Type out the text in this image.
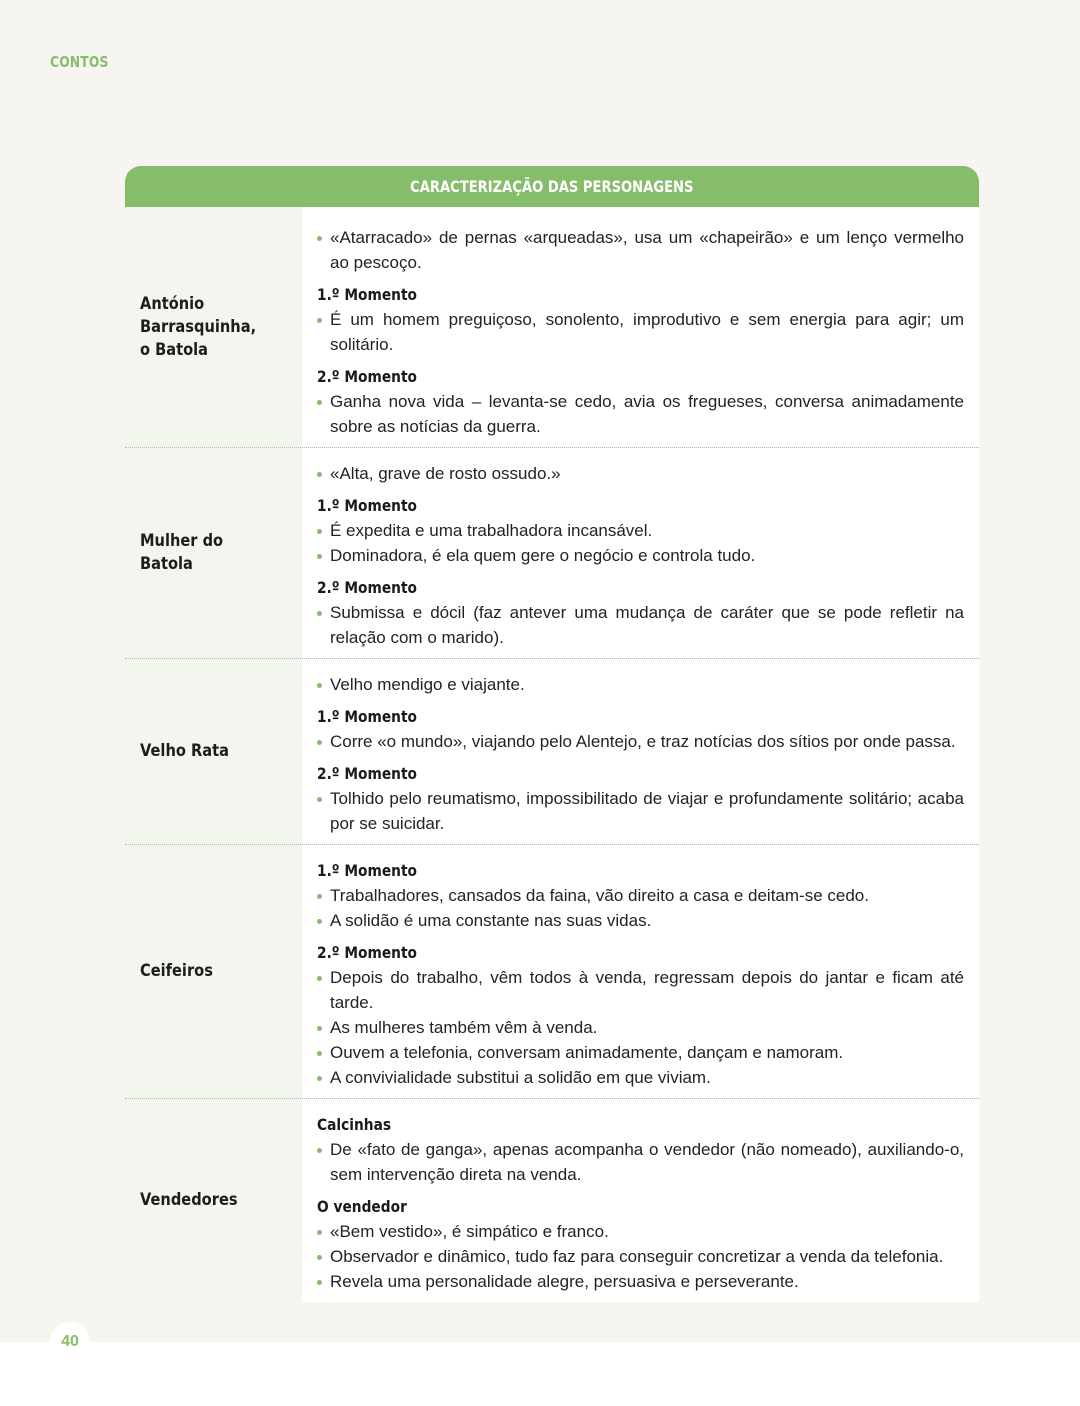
CONTOS
CARACTERIZAÇÃO DAS PERSONAGENS
António
Barrasquinha,
o Batola
«Atarracado» de pernas «arqueadas», usa um «chapeirão» e um lenço vermelho ao pescoço.
1.º Momento
É um homem preguiçoso, sonolento, improdutivo e sem energia para agir; um solitário.
2.º Momento
Ganha nova vida – levanta-se cedo, avia os fregueses, conversa animadamente sobre as notícias da guerra.
Mulher do Batola
«Alta, grave de rosto ossudo.»
1.º Momento
É expedita e uma trabalhadora incansável.
Dominadora, é ela quem gere o negócio e controla tudo.
2.º Momento
Submissa e dócil (faz antever uma mudança de caráter que se pode refletir na relação com o marido).
Velho Rata
Velho mendigo e viajante.
1.º Momento
Corre «o mundo», viajando pelo Alentejo, e traz notícias dos sítios por onde passa.
2.º Momento
Tolhido pelo reumatismo, impossibilitado de viajar e profundamente solitário; acaba por se suicidar.
Ceifeiros
1.º Momento
Trabalhadores, cansados da faina, vão direito a casa e deitam-se cedo.
A solidão é uma constante nas suas vidas.
2.º Momento
Depois do trabalho, vêm todos à venda, regressam depois do jantar e ficam até tarde.
As mulheres também vêm à venda.
Ouvem a telefonia, conversam animadamente, dançam e namoram.
A convivialidade substitui a solidão em que viviam.
Vendedores
Calcinhas
De «fato de ganga», apenas acompanha o vendedor (não nomeado), auxiliando-o, sem intervenção direta na venda.
O vendedor
«Bem vestido», é simpático e franco.
Observador e dinâmico, tudo faz para conseguir concretizar a venda da telefonia.
Revela uma personalidade alegre, persuasiva e perseverante.
40
